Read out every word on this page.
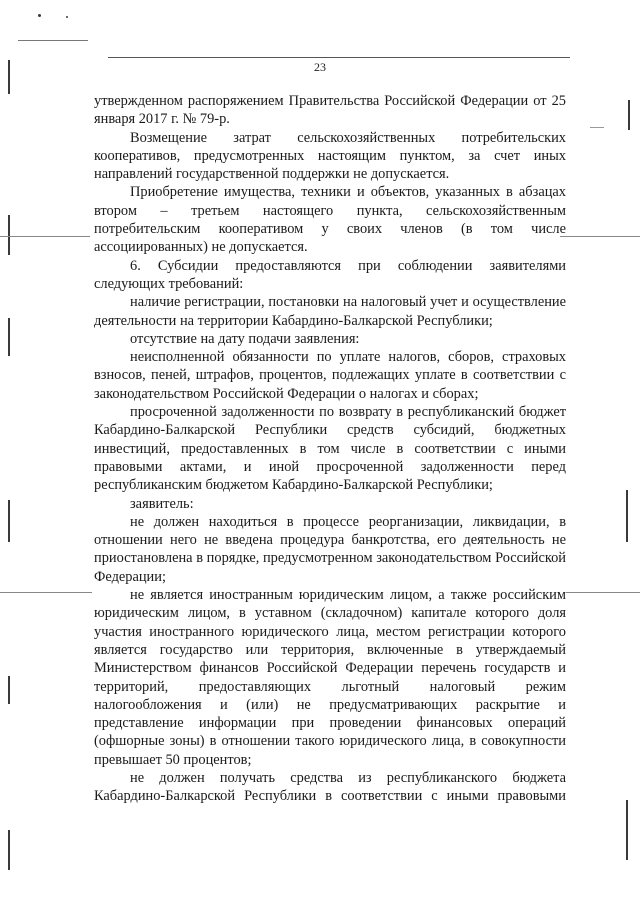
23

утвержденном распоряжением Правительства Российской Федерации от 25 января 2017 г. № 79-р.

Возмещение затрат сельскохозяйственных потребительских кооперативов, предусмотренных настоящим пунктом, за счет иных направлений государственной поддержки не допускается.

Приобретение имущества, техники и объектов, указанных в абзацах втором – третьем настоящего пункта, сельскохозяйственным потребительским кооперативом у своих членов (в том числе ассоциированных) не допускается.

6. Субсидии предоставляются при соблюдении заявителями следующих требований:

наличие регистрации, постановки на налоговый учет и осуществление деятельности на территории Кабардино-Балкарской Республики;

отсутствие на дату подачи заявления:

неисполненной обязанности по уплате налогов, сборов, страховых взносов, пеней, штрафов, процентов, подлежащих уплате в соответствии с законодательством Российской Федерации о налогах и сборах;

просроченной задолженности по возврату в республиканский бюджет Кабардино-Балкарской Республики средств субсидий, бюджетных инвестиций, предоставленных в том числе в соответствии с иными правовыми актами, и иной просроченной задолженности перед республиканским бюджетом Кабардино-Балкарской Республики;

заявитель:

не должен находиться в процессе реорганизации, ликвидации, в отношении него не введена процедура банкротства, его деятельность не приостановлена в порядке, предусмотренном законодательством Российской Федерации;

не является иностранным юридическим лицом, а также российским юридическим лицом, в уставном (складочном) капитале которого доля участия иностранного юридического лица, местом регистрации которого является государство или территория, включенные в утверждаемый Министерством финансов Российской Федерации перечень государств и территорий, предоставляющих льготный налоговый режим налогообложения и (или) не предусматривающих раскрытие и представление информации при проведении финансовых операций (офшорные зоны) в отношении такого юридического лица, в совокупности превышает 50 процентов;

не должен получать средства из республиканского бюджета Кабардино-Балкарской Республики в соответствии с иными правовыми
